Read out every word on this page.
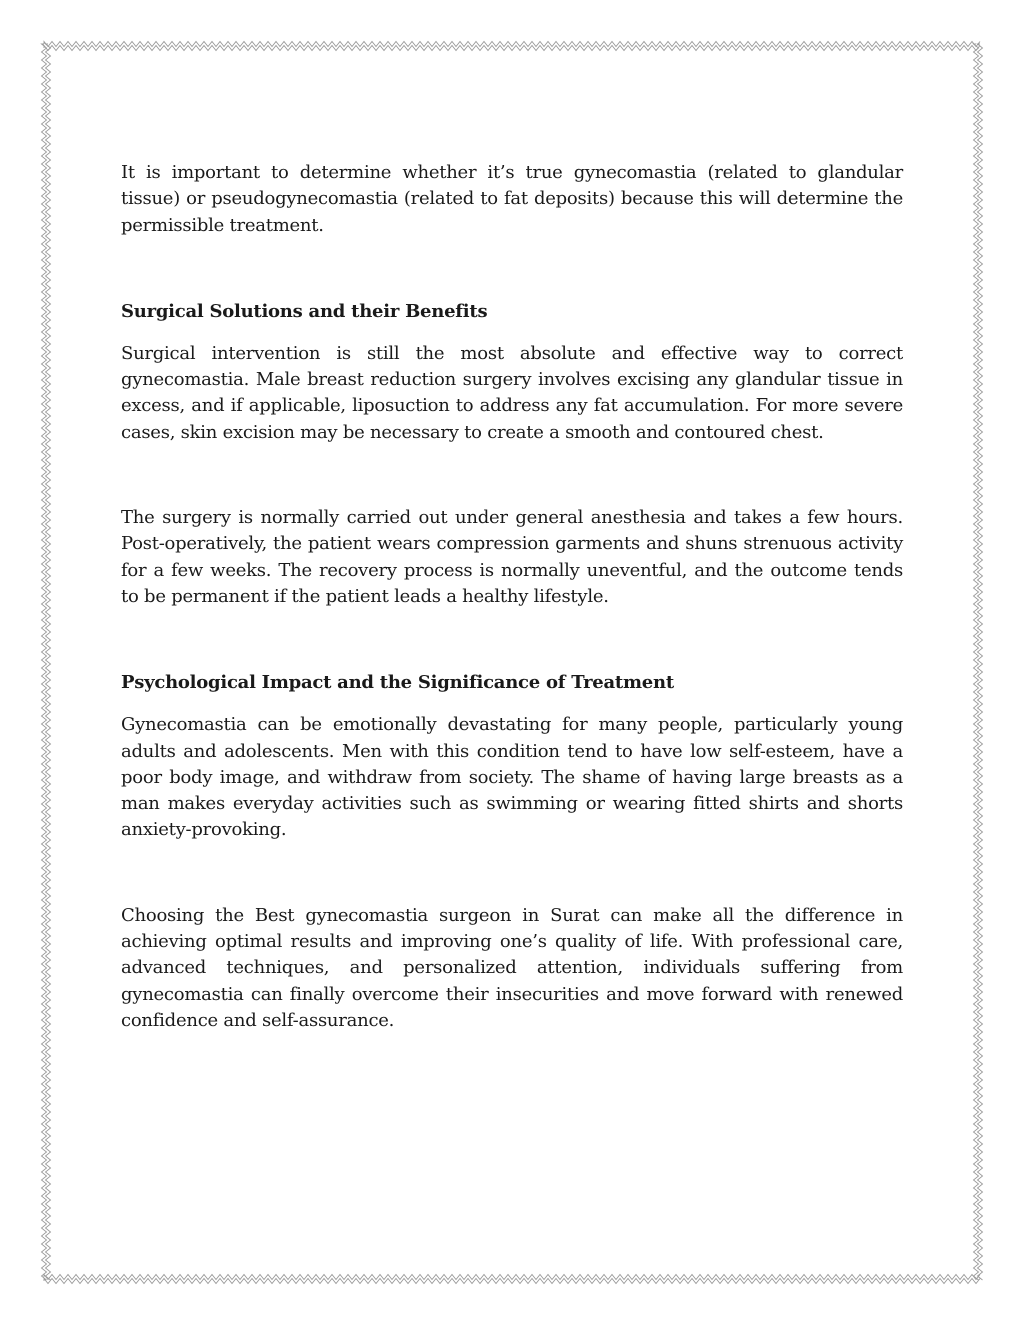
It is important to determine whether it’s true gynecomastia (related to glandular tissue) or pseudogynecomastia (related to fat deposits) because this will determine the permissible treatment.

Surgical Solutions and their Benefits

Surgical intervention is still the most absolute and effective way to correct gynecomastia. Male breast reduction surgery involves excising any glandular tissue in excess, and if applicable, liposuction to address any fat accumulation. For more severe cases, skin excision may be necessary to create a smooth and contoured chest.

The surgery is normally carried out under general anesthesia and takes a few hours. Post-operatively, the patient wears compression garments and shuns strenuous activity for a few weeks. The recovery process is normally uneventful, and the outcome tends to be permanent if the patient leads a healthy lifestyle.

Psychological Impact and the Significance of Treatment

Gynecomastia can be emotionally devastating for many people, particularly young adults and adolescents. Men with this condition tend to have low self-esteem, have a poor body image, and withdraw from society. The shame of having large breasts as a man makes everyday activities such as swimming or wearing fitted shirts and shorts anxiety-provoking.

Choosing the Best gynecomastia surgeon in Surat can make all the difference in achieving optimal results and improving one’s quality of life. With professional care, advanced techniques, and personalized attention, individuals suffering from gynecomastia can finally overcome their insecurities and move forward with renewed confidence and self-assurance.
